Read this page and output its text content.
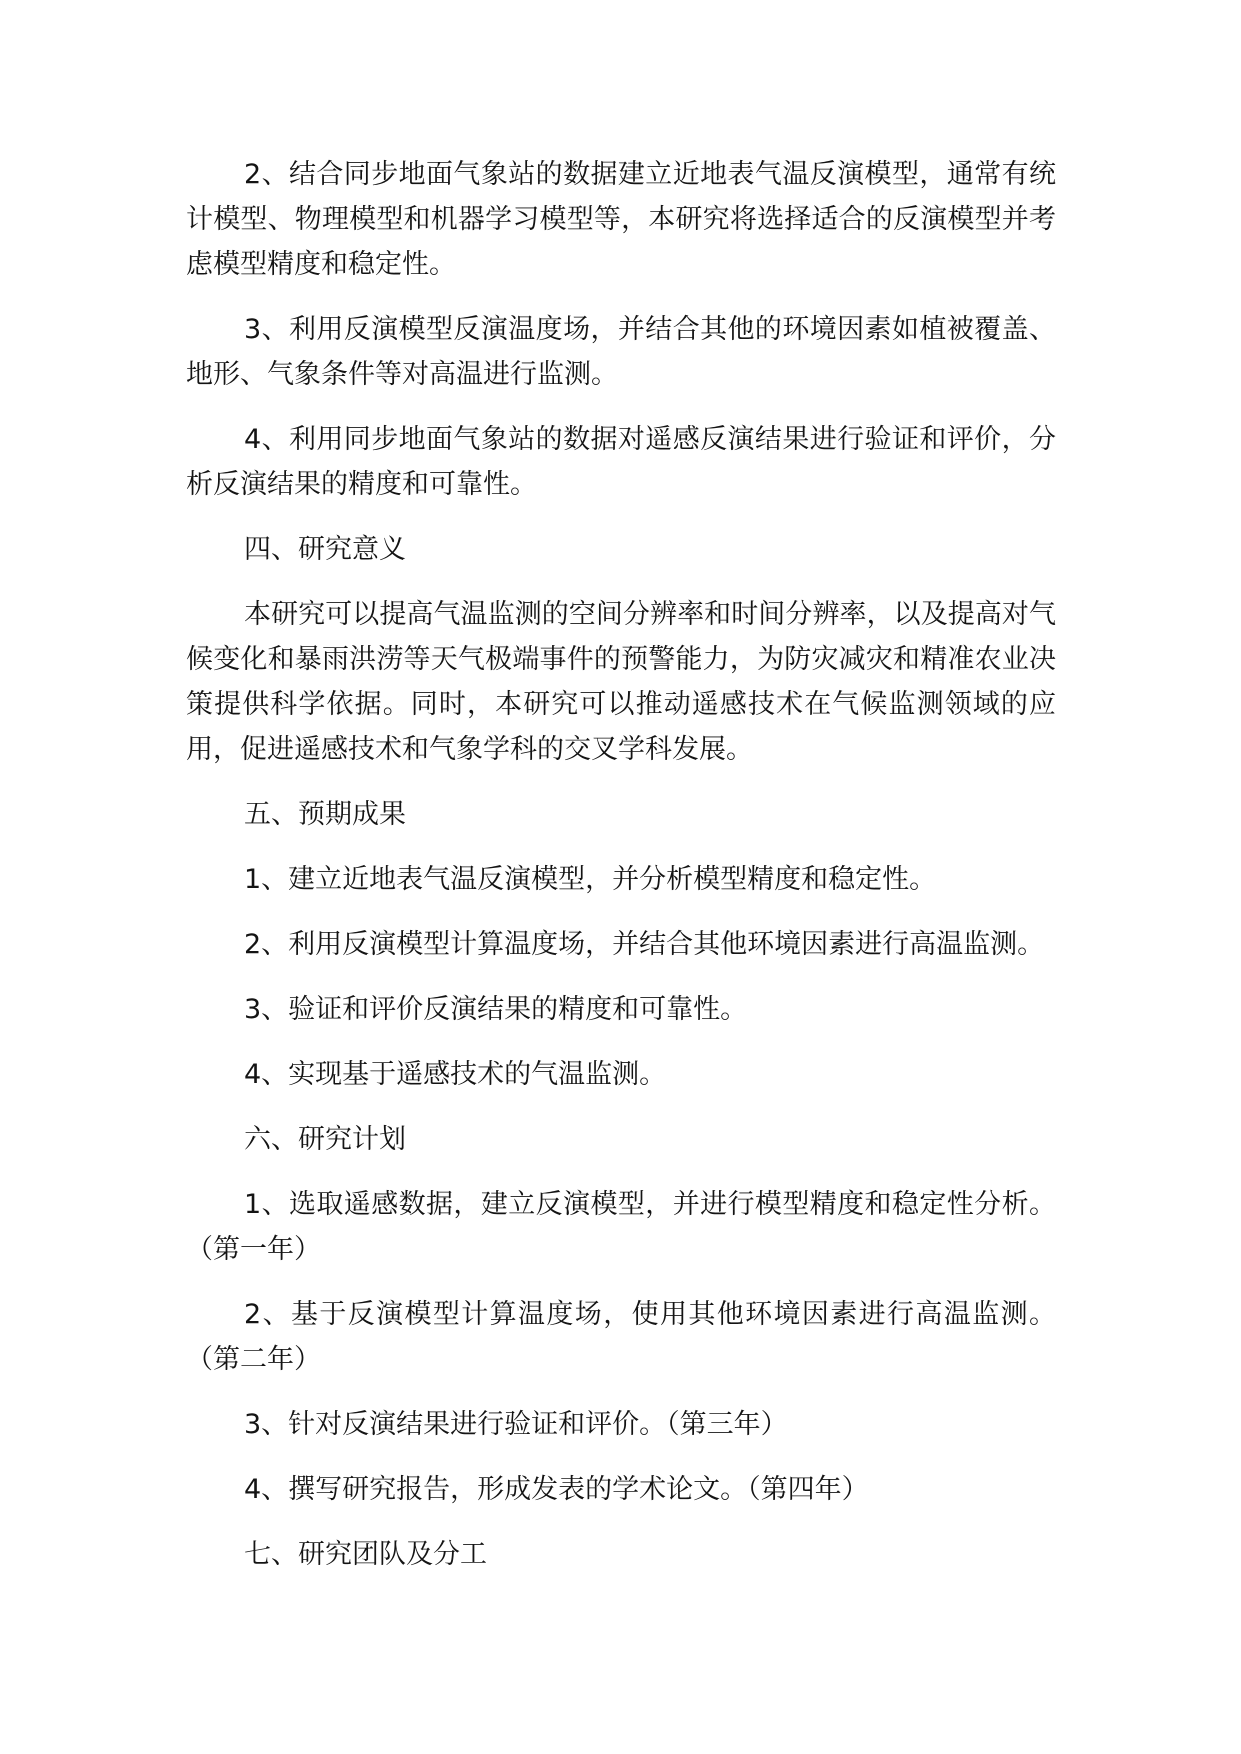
2、结合同步地面气象站的数据建立近地表气温反演模型，通常有统计模型、物理模型和机器学习模型等，本研究将选择适合的反演模型并考虑模型精度和稳定性。

3、利用反演模型反演温度场，并结合其他的环境因素如植被覆盖、地形、气象条件等对高温进行监测。

4、利用同步地面气象站的数据对遥感反演结果进行验证和评价，分析反演结果的精度和可靠性。

四、研究意义

本研究可以提高气温监测的空间分辨率和时间分辨率，以及提高对气候变化和暴雨洪涝等天气极端事件的预警能力，为防灾减灾和精准农业决策提供科学依据。同时，本研究可以推动遥感技术在气候监测领域的应用，促进遥感技术和气象学科的交叉学科发展。

五、预期成果

1、建立近地表气温反演模型，并分析模型精度和稳定性。

2、利用反演模型计算温度场，并结合其他环境因素进行高温监测。

3、验证和评价反演结果的精度和可靠性。

4、实现基于遥感技术的气温监测。

六、研究计划

1、选取遥感数据，建立反演模型，并进行模型精度和稳定性分析。（第一年）

2、基于反演模型计算温度场，使用其他环境因素进行高温监测。（第二年）

3、针对反演结果进行验证和评价。（第三年）

4、撰写研究报告，形成发表的学术论文。（第四年）

七、研究团队及分工
